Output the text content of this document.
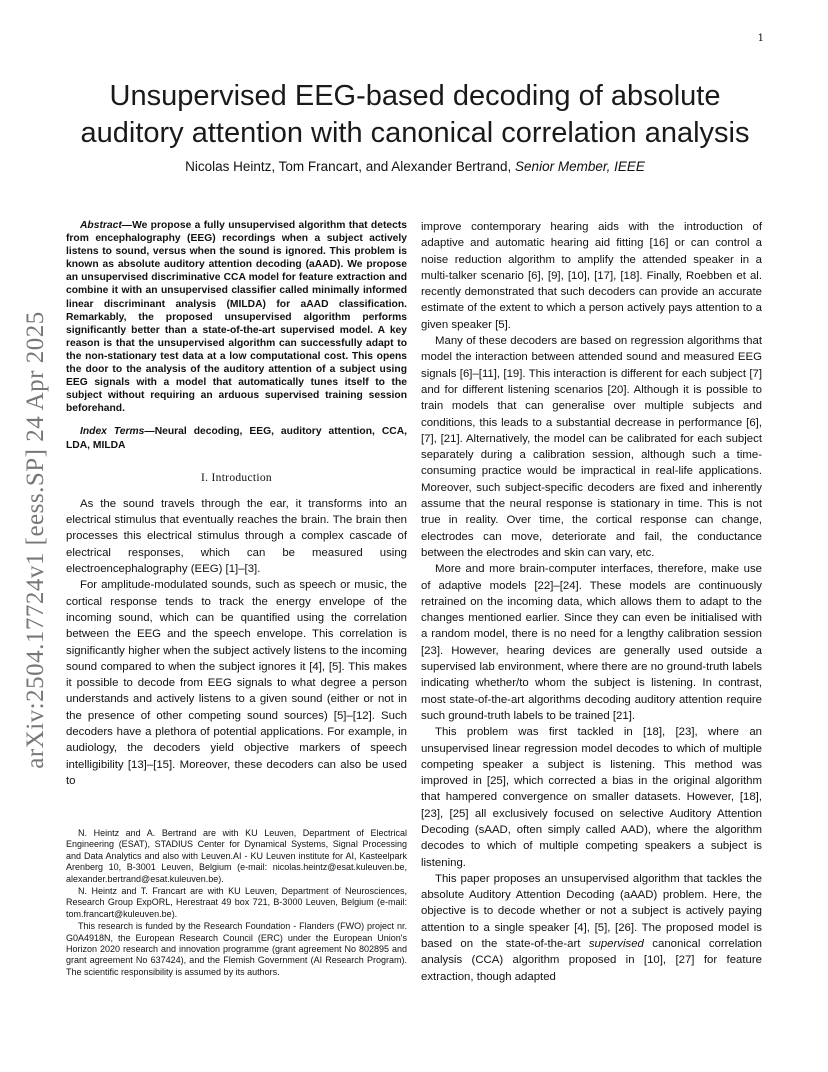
1
arXiv:2504.17724v1 [eess.SP] 24 Apr 2025
Unsupervised EEG-based decoding of absolute auditory attention with canonical correlation analysis
Nicolas Heintz, Tom Francart, and Alexander Bertrand, Senior Member, IEEE

Abstract—We propose a fully unsupervised algorithm that detects from encephalography (EEG) recordings when a subject actively listens to sound, versus when the sound is ignored. This problem is known as absolute auditory attention decoding (aAAD). We propose an unsupervised discriminative CCA model for feature extraction and combine it with an unsupervised classifier called minimally informed linear discriminant analysis (MILDA) for aAAD classification. Remarkably, the proposed unsupervised algorithm performs significantly better than a state-of-the-art supervised model. A key reason is that the unsupervised algorithm can successfully adapt to the non-stationary test data at a low computational cost. This opens the door to the analysis of the auditory attention of a subject using EEG signals with a model that automatically tunes itself to the subject without requiring an arduous supervised training session beforehand.

Index Terms—Neural decoding, EEG, auditory attention, CCA, LDA, MILDA

I. Introduction

As the sound travels through the ear, it transforms into an electrical stimulus that eventually reaches the brain. The brain then processes this electrical stimulus through a complex cascade of electrical responses, which can be measured using electroencephalography (EEG) [1]–[3].

For amplitude-modulated sounds, such as speech or music, the cortical response tends to track the energy envelope of the incoming sound, which can be quantified using the correlation between the EEG and the speech envelope. This correlation is significantly higher when the subject actively listens to the incoming sound compared to when the subject ignores it [4], [5]. This makes it possible to decode from EEG signals to what degree a person understands and actively listens to a given sound (either or not in the presence of other competing sound sources) [5]–[12]. Such decoders have a plethora of potential applications. For example, in audiology, the decoders yield objective markers of speech intelligibility [13]–[15]. Moreover, these decoders can also be used to

N. Heintz and A. Bertrand are with KU Leuven, Department of Electrical Engineering (ESAT), STADIUS Center for Dynamical Systems, Signal Processing and Data Analytics and also with Leuven.AI - KU Leuven institute for AI, Kasteelpark Arenberg 10, B-3001 Leuven, Belgium (e-mail: nicolas.heintz@esat.kuleuven.be, alexander.bertrand@esat.kuleuven.be).

N. Heintz and T. Francart are with KU Leuven, Department of Neurosciences, Research Group ExpORL, Herestraat 49 box 721, B-3000 Leuven, Belgium (e-mail: tom.francart@kuleuven.be).

This research is funded by the Research Foundation - Flanders (FWO) project nr. G0A4918N, the European Research Council (ERC) under the European Union's Horizon 2020 research and innovation programme (grant agreement No 802895 and grant agreement No 637424), and the Flemish Government (AI Research Program). The scientific responsibility is assumed by its authors.

improve contemporary hearing aids with the introduction of adaptive and automatic hearing aid fitting [16] or can control a noise reduction algorithm to amplify the attended speaker in a multi-talker scenario [6], [9], [10], [17], [18]. Finally, Roebben et al. recently demonstrated that such decoders can provide an accurate estimate of the extent to which a person actively pays attention to a given speaker [5].

Many of these decoders are based on regression algorithms that model the interaction between attended sound and measured EEG signals [6]–[11], [19]. This interaction is different for each subject [7] and for different listening scenarios [20]. Although it is possible to train models that can generalise over multiple subjects and conditions, this leads to a substantial decrease in performance [6], [7], [21]. Alternatively, the model can be calibrated for each subject separately during a calibration session, although such a time-consuming practice would be impractical in real-life applications. Moreover, such subject-specific decoders are fixed and inherently assume that the neural response is stationary in time. This is not true in reality. Over time, the cortical response can change, electrodes can move, deteriorate and fail, the conductance between the electrodes and skin can vary, etc.

More and more brain-computer interfaces, therefore, make use of adaptive models [22]–[24]. These models are continuously retrained on the incoming data, which allows them to adapt to the changes mentioned earlier. Since they can even be initialised with a random model, there is no need for a lengthy calibration session [23]. However, hearing devices are generally used outside a supervised lab environment, where there are no ground-truth labels indicating whether/to whom the subject is listening. In contrast, most state-of-the-art algorithms decoding auditory attention require such ground-truth labels to be trained [21].

This problem was first tackled in [18], [23], where an unsupervised linear regression model decodes to which of multiple competing speaker a subject is listening. This method was improved in [25], which corrected a bias in the original algorithm that hampered convergence on smaller datasets. However, [18], [23], [25] all exclusively focused on selective Auditory Attention Decoding (sAAD, often simply called AAD), where the algorithm decodes to which of multiple competing speakers a subject is listening.

This paper proposes an unsupervised algorithm that tackles the absolute Auditory Attention Decoding (aAAD) problem. Here, the objective is to decode whether or not a subject is actively paying attention to a single speaker [4], [5], [26]. The proposed model is based on the state-of-the-art supervised canonical correlation analysis (CCA) algorithm proposed in [10], [27] for feature extraction, though adapted
